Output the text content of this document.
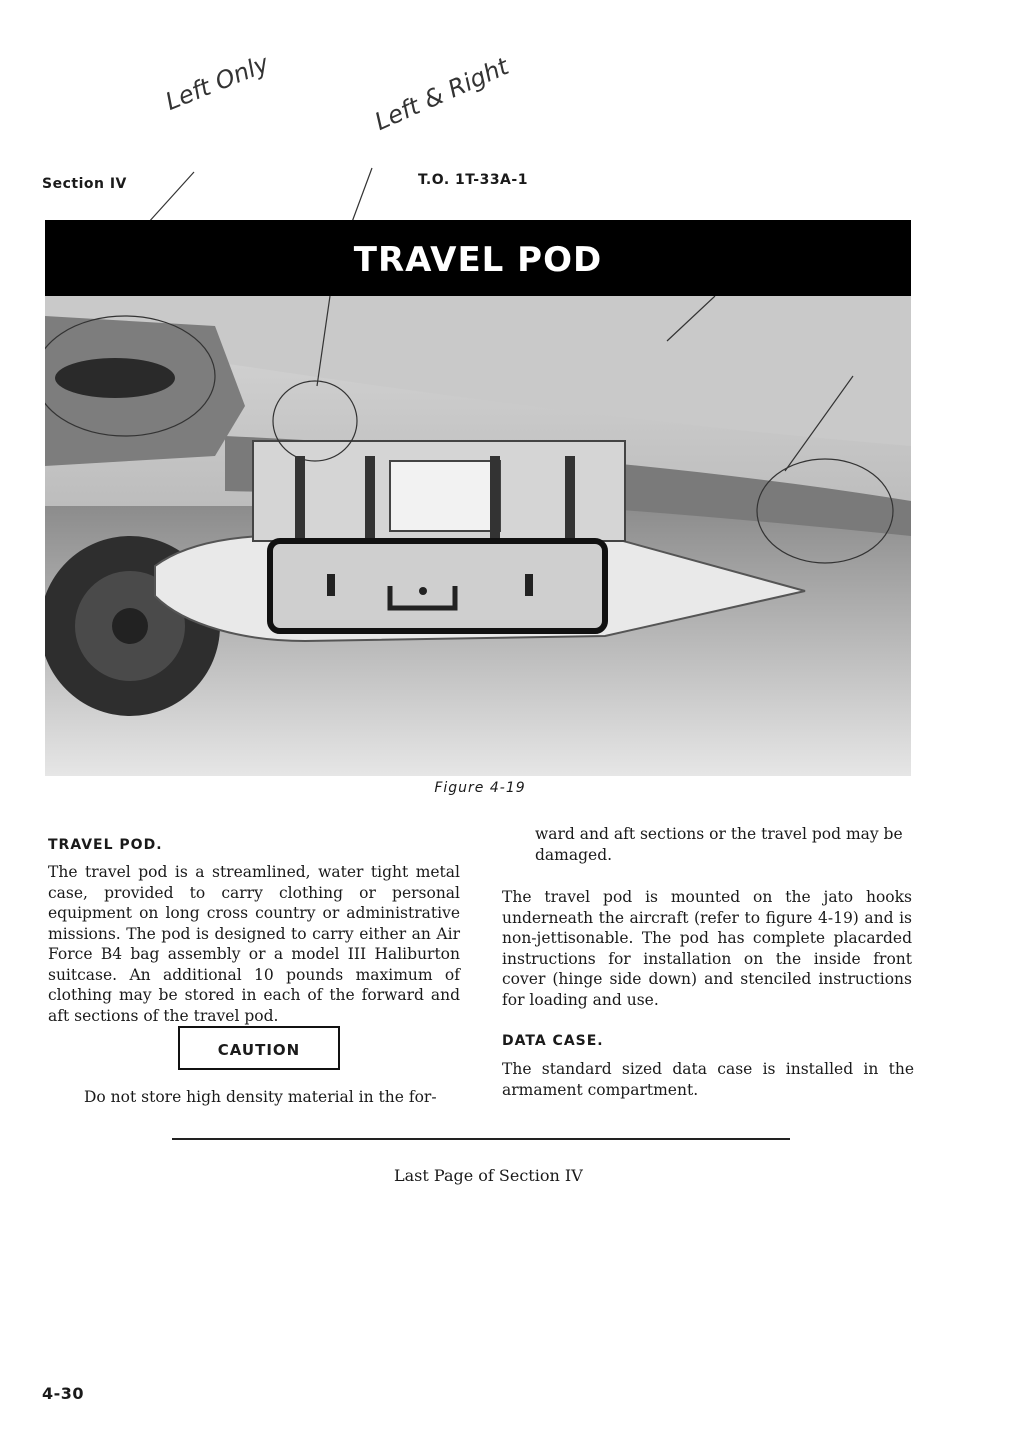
Section IV	T.O. 1T-33A-1
Left Only	Left & Right
TRAVEL POD
Figure 4-19
TRAVEL POD.
The travel pod is a streamlined, water tight metal case, provided to carry clothing or personal equipment on long cross country or administrative missions. The pod is designed to carry either an Air Force B4 bag assembly or a model III Haliburton suitcase. An additional 10 pounds maximum of clothing may be stored in each of the forward and aft sections of the travel pod.
CAUTION
Do not store high density material in the for-
ward and aft sections or the travel pod may be damaged.
The travel pod is mounted on the jato hooks underneath the aircraft (refer to figure 4-19) and is non-jettisonable. The pod has complete placarded instructions for installation on the inside front cover (hinge side down) and stenciled instructions for loading and use.
DATA CASE.
The standard sized data case is installed in the armament compartment.
Last Page of Section IV
4-30
